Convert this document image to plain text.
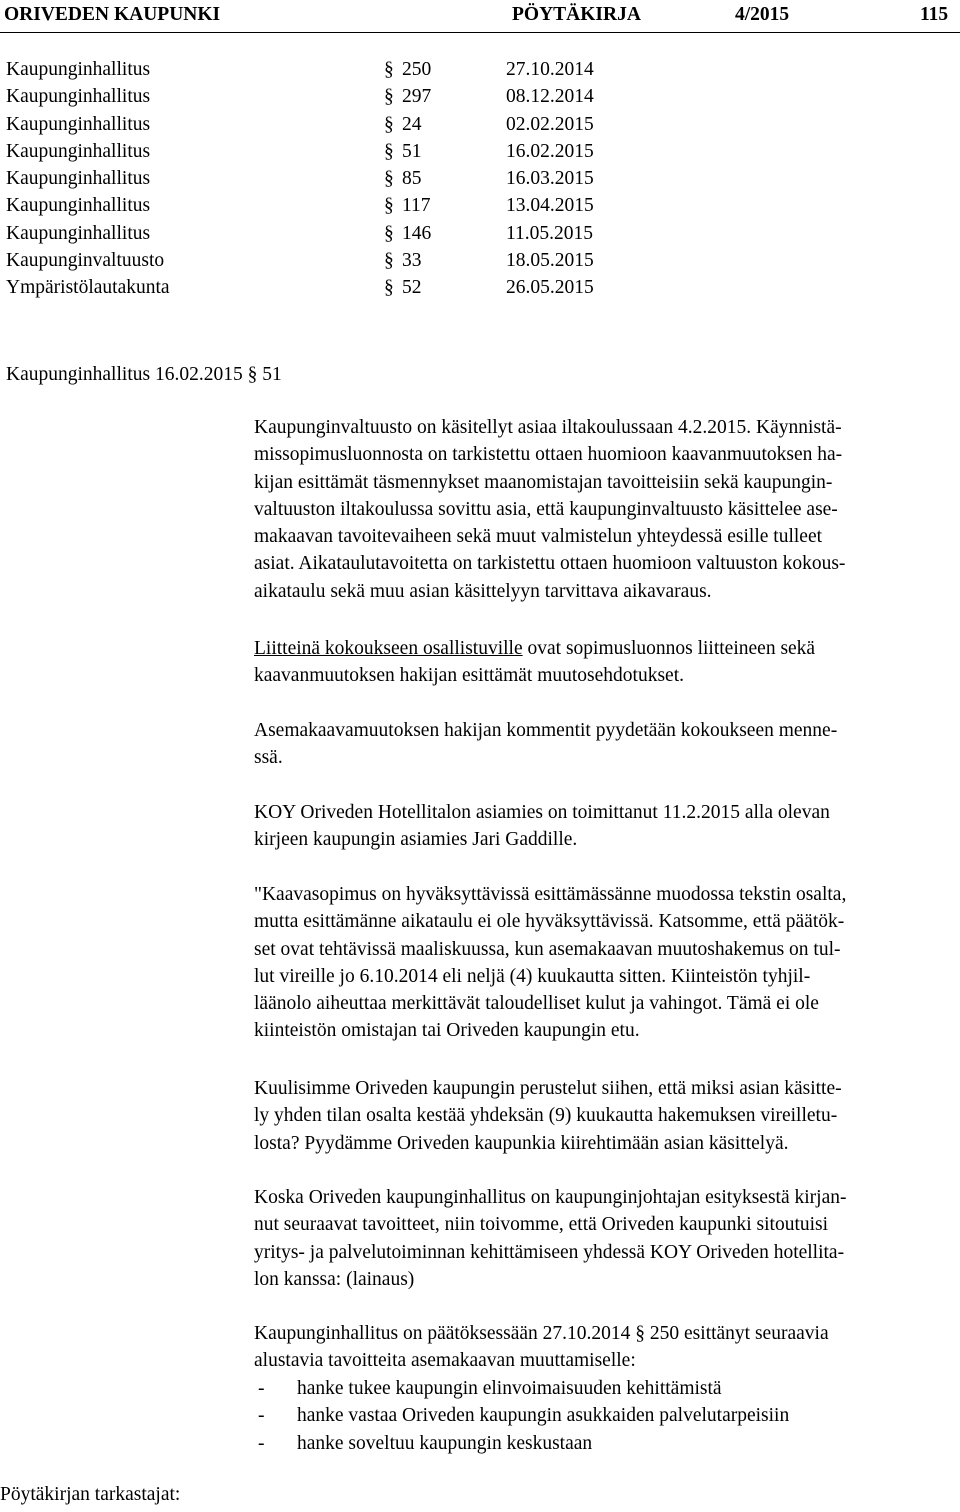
ORIVEDEN KAUPUNKI	PÖYTÄKIRJA	4/2015	115
Kaupunginhallitus	§ 250	27.10.2014
Kaupunginhallitus	§ 297	08.12.2014
Kaupunginhallitus	§ 24	02.02.2015
Kaupunginhallitus	§ 51	16.02.2015
Kaupunginhallitus	§ 85	16.03.2015
Kaupunginhallitus	§ 117	13.04.2015
Kaupunginhallitus	§ 146	11.05.2015
Kaupunginvaltuusto	§ 33	18.05.2015
Ympäristölautakunta	§ 52	26.05.2015
Kaupunginhallitus 16.02.2015 § 51
Kaupunginvaltuusto on käsitellyt asiaa iltakoulussaan 4.2.2015. Käynnistä-
missopimusluonnosta on tarkistettu ottaen huomioon kaavanmuutoksen ha-
kijan esittämät täsmennykset maanomistajan tavoitteisiin sekä kaupungin-
valtuuston iltakoulussa sovittu asia, että kaupunginvaltuusto käsittelee ase-
makaavan tavoitevaiheen sekä muut valmistelun yhteydessä esille tulleet
asiat. Aikataulutavoitetta on tarkistettu ottaen huomioon valtuuston kokous-
aikataulu sekä muu asian käsittelyyn tarvittava aikavaraus.
Liitteinä kokoukseen osallistuville ovat sopimusluonnos liitteineen sekä
kaavanmuutoksen hakijan esittämät muutosehdotukset.
Asemakaavamuutoksen hakijan kommentit pyydetään kokoukseen menne-
ssä.
KOY Oriveden Hotellitalon asiamies on toimittanut 11.2.2015 alla olevan
kirjeen kaupungin asiamies Jari Gaddille.
"Kaavasopimus on hyväksyttävissä esittämässänne muodossa tekstin osalta,
mutta esittämänne aikataulu ei ole hyväksyttävissä. Katsomme, että päätök-
set ovat tehtävissä maaliskuussa, kun asemakaavan muutoshakemus on tul-
lut vireille jo 6.10.2014 eli neljä (4) kuukautta sitten. Kiinteistön tyhjil-
läänolo aiheuttaa merkittävät taloudelliset kulut ja vahingot. Tämä ei ole
kiinteistön omistajan tai Oriveden kaupungin etu.
Kuulisimme Oriveden kaupungin perustelut siihen, että miksi asian käsitte-
ly yhden tilan osalta kestää yhdeksän (9) kuukautta hakemuksen vireilletu-
losta? Pyydämme Oriveden kaupunkia kiirehtimään asian käsittelyä.
Koska Oriveden kaupunginhallitus on kaupunginjohtajan esityksestä kirjan-
nut seuraavat tavoitteet, niin toivomme, että Oriveden kaupunki sitoutuisi
yritys- ja palvelutoiminnan kehittämiseen yhdessä KOY Oriveden hotellita-
lon kanssa: (lainaus)
Kaupunginhallitus on päätöksessään 27.10.2014 § 250 esittänyt seuraavia
alustavia tavoitteita asemakaavan muuttamiselle:
- hanke tukee kaupungin elinvoimaisuuden kehittämistä
- hanke vastaa Oriveden kaupungin asukkaiden palvelutarpeisiin
- hanke soveltuu kaupungin keskustaan
Pöytäkirjan tarkastajat:
